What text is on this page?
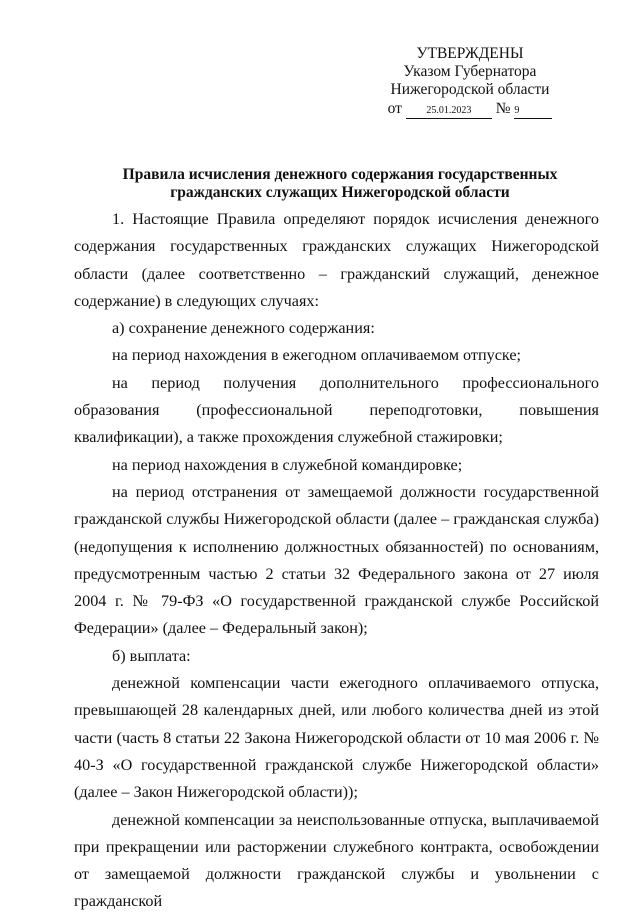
УТВЕРЖДЕНЫ
Указом Губернатора
Нижегородской области
от 25.01.2023 № 9
Правила исчисления денежного содержания государственных
гражданских служащих Нижегородской области

1. Настоящие Правила определяют порядок исчисления денежного содержания государственных гражданских служащих Нижегородской области (далее соответственно – гражданский служащий, денежное содержание) в следующих случаях:

а) сохранение денежного содержания:

на период нахождения в ежегодном оплачиваемом отпуске;

на период получения дополнительного профессионального образования (профессиональной переподготовки, повышения квалификации), а также прохождения служебной стажировки;

на период нахождения в служебной командировке;

на период отстранения от замещаемой должности государственной гражданской службы Нижегородской области (далее – гражданская служба) (недопущения к исполнению должностных обязанностей) по основаниям, предусмотренным частью 2 статьи 32 Федерального закона от 27 июля 2004 г. № 79-ФЗ «О государственной гражданской службе Российской Федерации» (далее – Федеральный закон);

б) выплата:

денежной компенсации части ежегодного оплачиваемого отпуска, превышающей 28 календарных дней, или любого количества дней из этой части (часть 8 статьи 22 Закона Нижегородской области от 10 мая 2006 г. № 40-З «О государственной гражданской службе Нижегородской области» (далее – Закон Нижегородской области));

денежной компенсации за неиспользованные отпуска, выплачиваемой при прекращении или расторжении служебного контракта, освобождении от замещаемой должности гражданской службы и увольнении с гражданской
